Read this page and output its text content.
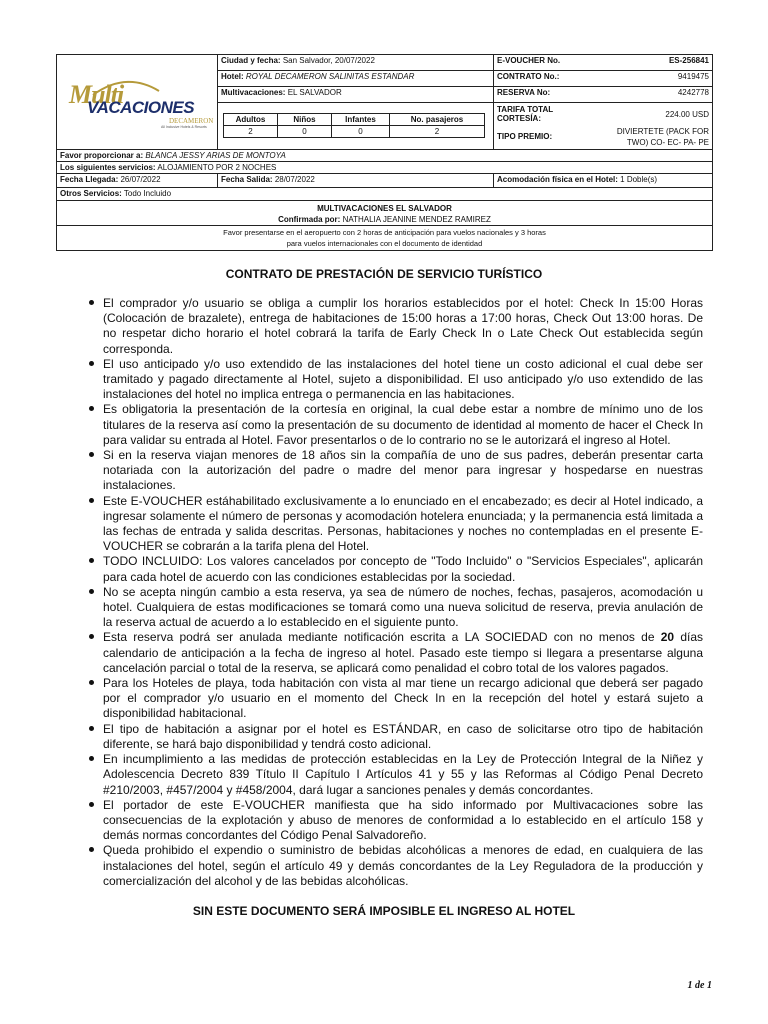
Multi
VACACIONES
DECAMERON
All Inclusive Hotels & Resorts
Ciudad y fecha: San Salvador, 20/07/2022
Hotel: ROYAL DECAMERON SALINITAS ESTANDAR
Multivacaciones: EL SALVADOR
Adultos	Niños	Infantes	No. pasajeros
2	0	0	2
E-VOUCHER No.	ES-256841
CONTRATO No.:	9419475
RESERVA No:	4242778
TARIFA TOTAL
CORTESÍA:	224.00 USD
TIPO PREMIO:
DIVIERTETE (PACK FOR
TWO) CO- EC- PA- PE
Favor proporcionar a: BLANCA JESSY ARIAS DE MONTOYA
Los siguientes servicios: ALOJAMIENTO POR 2 NOCHES
Fecha Llegada: 26/07/2022	Fecha Salida: 28/07/2022	Acomodación física en el Hotel: 1 Doble(s)
Otros Servicios: Todo Incluido
MULTIVACACIONES EL SALVADOR
Confirmada por: NATHALIA JEANINE MENDEZ RAMIREZ
Favor presentarse en el aeropuerto con 2 horas de anticipación para vuelos nacionales y 3 horas
para vuelos internacionales con el documento de identidad
CONTRATO DE PRESTACIÓN DE SERVICIO TURÍSTICO
El comprador y/o usuario se obliga a cumplir los horarios establecidos por el hotel: Check In 15:00 Horas (Colocación de brazalete), entrega de habitaciones de 15:00 horas a 17:00 horas, Check Out 13:00 horas. De no respetar dicho horario el hotel cobrará la tarifa de Early Check In o Late Check Out establecida según corresponda.
El uso anticipado y/o uso extendido de las instalaciones del hotel tiene un costo adicional el cual debe ser tramitado y pagado directamente al Hotel, sujeto a disponibilidad. El uso anticipado y/o uso extendido de las instalaciones del hotel no implica entrega o permanencia en las habitaciones.
Es obligatoria la presentación de la cortesía en original, la cual debe estar a nombre de mínimo uno de los titulares de la reserva así como la presentación de su documento de identidad al momento de hacer el Check In para validar su entrada al Hotel. Favor presentarlos o de lo contrario no se le autorizará el ingreso al Hotel.
Si en la reserva viajan menores de 18 años sin la compañía de uno de sus padres, deberán presentar carta notariada con la autorización del padre o madre del menor para ingresar y hospedarse en nuestras instalaciones.
Este E-VOUCHER estáhabilitado exclusivamente a lo enunciado en el encabezado; es decir al Hotel indicado, a ingresar solamente el número de personas y acomodación hotelera enunciada; y la permanencia está limitada a las fechas de entrada y salida descritas. Personas, habitaciones y noches no contempladas en el presente E-VOUCHER se cobrarán a la tarifa plena del Hotel.
TODO INCLUIDO: Los valores cancelados por concepto de "Todo Incluido" o "Servicios Especiales", aplicarán para cada hotel de acuerdo con las condiciones establecidas por la sociedad.
No se acepta ningún cambio a esta reserva, ya sea de número de noches, fechas, pasajeros, acomodación u hotel. Cualquiera de estas modificaciones se tomará como una nueva solicitud de reserva, previa anulación de la reserva actual de acuerdo a lo establecido en el siguiente punto.
Esta reserva podrá ser anulada mediante notificación escrita a LA SOCIEDAD con no menos de 20 días calendario de anticipación a la fecha de ingreso al hotel. Pasado este tiempo si llegara a presentarse alguna cancelación parcial o total de la reserva, se aplicará como penalidad el cobro total de los valores pagados.
Para los Hoteles de playa, toda habitación con vista al mar tiene un recargo adicional que deberá ser pagado por el comprador y/o usuario en el momento del Check In en la recepción del hotel y estará sujeto a disponibilidad habitacional.
El tipo de habitación a asignar por el hotel es ESTÁNDAR, en caso de solicitarse otro tipo de habitación diferente, se hará bajo disponibilidad y tendrá costo adicional.
En incumplimiento a las medidas de protección establecidas en la Ley de Protección Integral de la Niñez y Adolescencia Decreto 839 Título II Capítulo I Artículos 41 y 55 y las Reformas al Código Penal Decreto #210/2003, #457/2004 y #458/2004, dará lugar a sanciones penales y demás concordantes.
El portador de este E-VOUCHER manifiesta que ha sido informado por Multivacaciones sobre las consecuencias de la explotación y abuso de menores de conformidad a lo establecido en el artículo 158 y demás normas concordantes del Código Penal Salvadoreño.
Queda prohibido el expendio o suministro de bebidas alcohólicas a menores de edad, en cualquiera de las instalaciones del hotel, según el artículo 49 y demás concordantes de la Ley Reguladora de la producción y comercialización del alcohol y de las bebidas alcohólicas.
SIN ESTE DOCUMENTO SERÁ IMPOSIBLE EL INGRESO AL HOTEL
1 de 1
